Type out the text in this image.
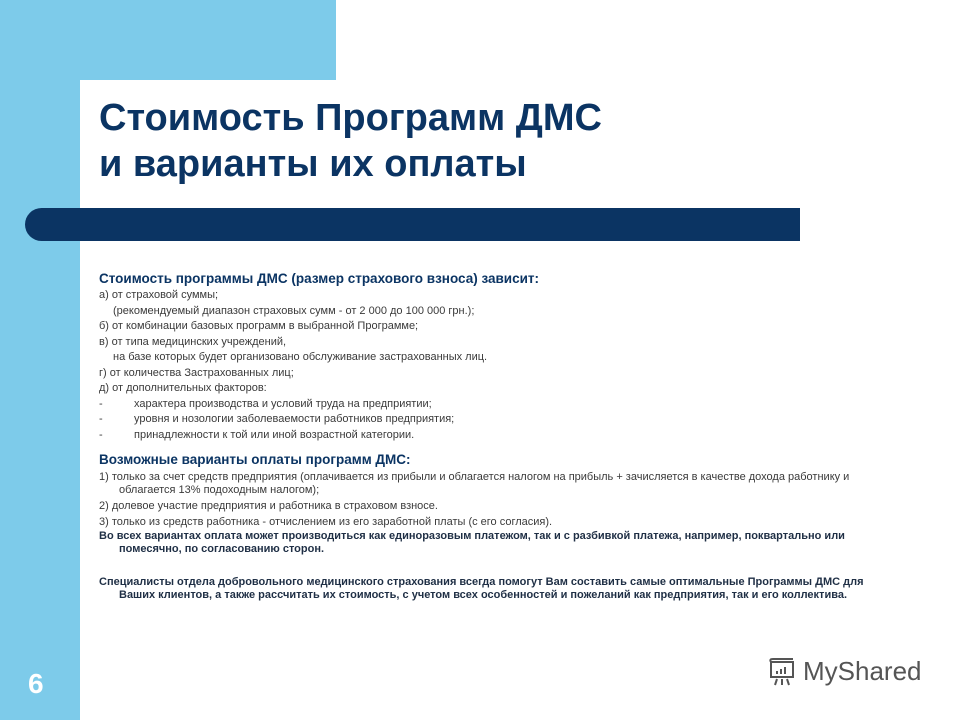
Стоимость Программ ДМС
и варианты их оплаты
Стоимость программы ДМС (размер страхового взноса) зависит:
а) от страховой суммы;
(рекомендуемый диапазон страховых сумм - от 2 000 до 100 000 грн.);
б) от комбинации базовых программ в выбранной Программе;
в) от типа медицинских учреждений,
на базе которых будет организовано обслуживание застрахованных лиц.
г) от количества Застрахованных лиц;
д) от дополнительных факторов:
-	характера производства и условий труда на предприятии;
-	уровня и нозологии заболеваемости работников предприятия;
-	принадлежности к той или иной возрастной категории.
Возможные варианты оплаты программ ДМС:
1) только за счет средств предприятия (оплачивается из прибыли и облагается налогом на прибыль + зачисляется в качестве дохода работнику и облагается 13% подоходным налогом);
2) долевое участие предприятия и работника в страховом взносе.
3) только из средств работника - отчислением из его заработной платы (с его согласия).
Во всех вариантах оплата может производиться как единоразовым платежом, так и с разбивкой платежа, например, поквартально или помесячно, по согласованию сторон.
Специалисты отдела добровольного медицинского страхования всегда помогут Вам составить самые оптимальные Программы ДМС для Ваших клиентов, а также рассчитать их стоимость, с учетом всех особенностей и пожеланий как предприятия, так и его коллектива.
6	MyShared
